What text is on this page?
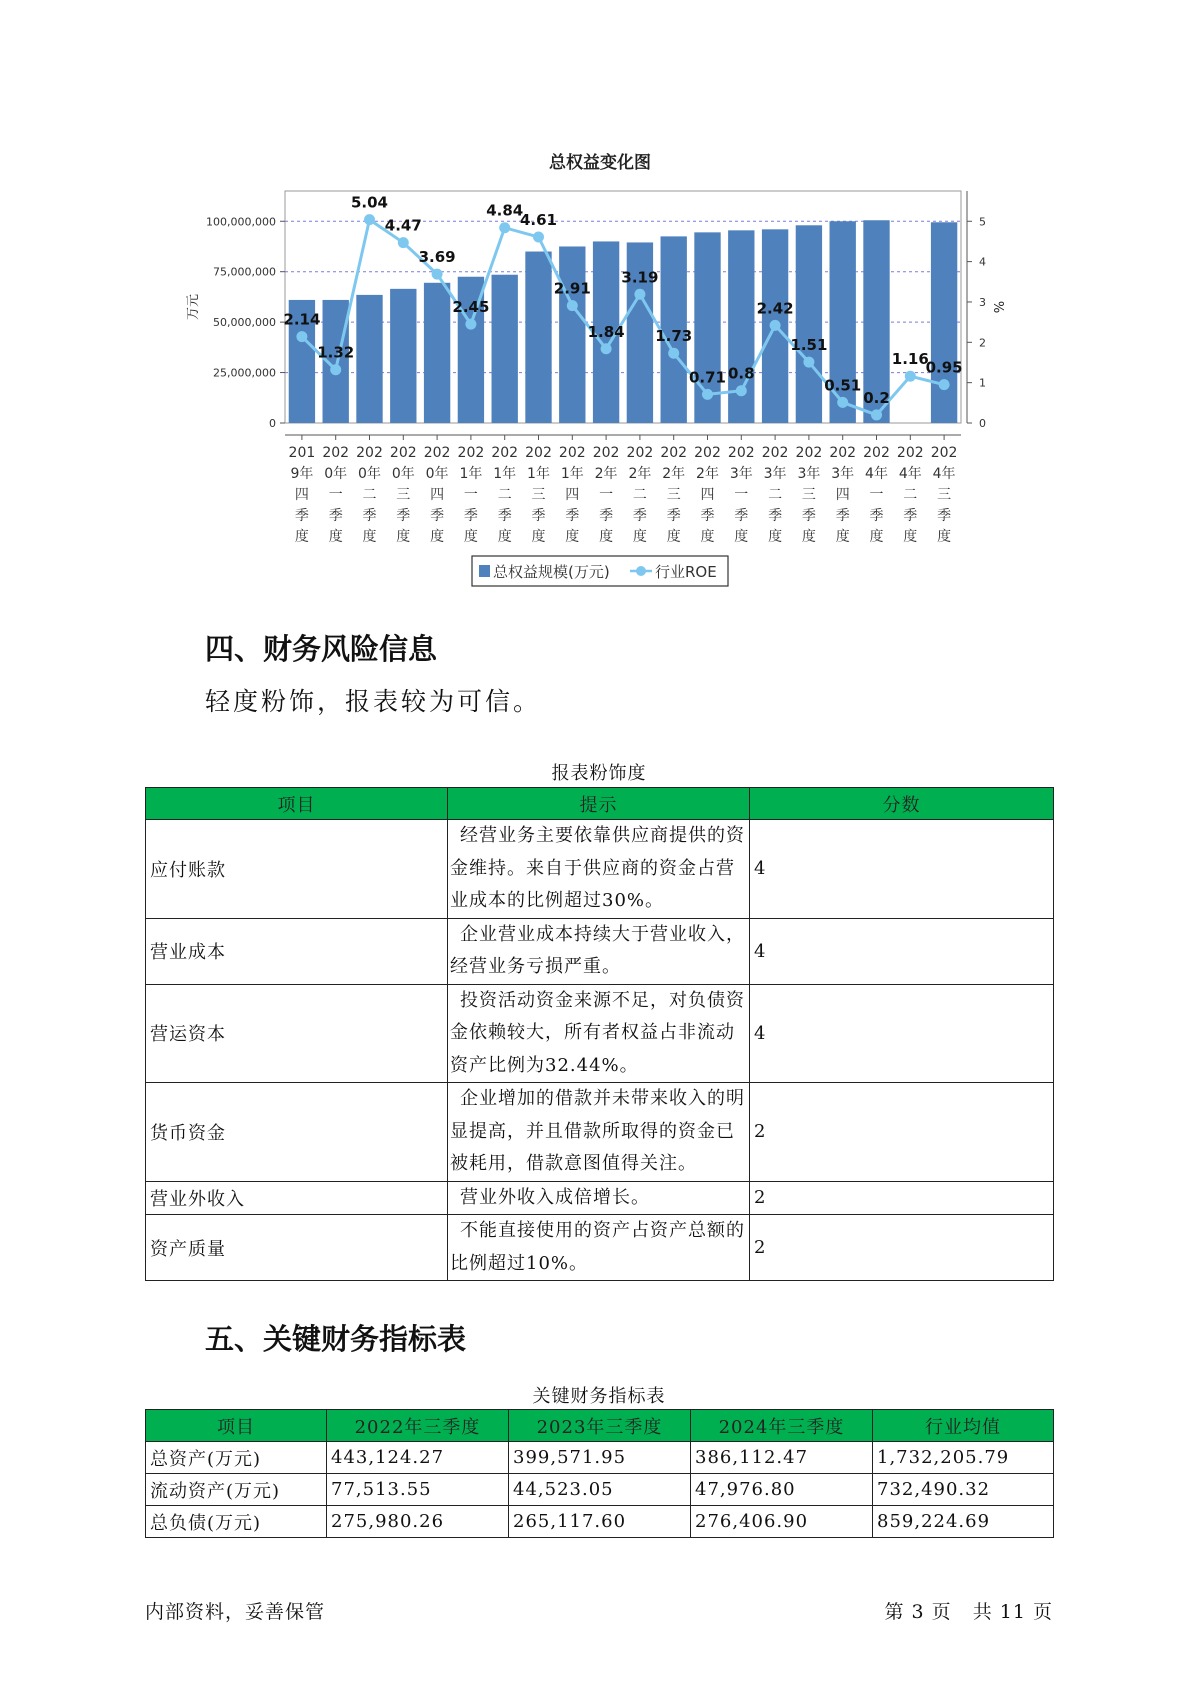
总权益变化图
2.14
1.32
5.04
4.47
3.69
2.45
4.84
4.61
2.91
1.84
3.19
1.73
0.71 0.8
2.42
1.51
0.51
0.2
1.16
0.95
0
25,000,000
50,000,000
75,000,000
100,000,000
0
1
2
3
4
5
201 9年四季度
202 0年一季度
202 0年二季度
202 0年三季度
202 0年四季度
202 1年一季度
202 1年二季度
202 1年三季度
202 1年四季度
202 2年一季度
202 2年二季度
202 2年三季度
202 2年四季度
202 3年一季度
202 3年二季度
202 3年三季度
202 3年四季度
202 4年一季度
202 4年二季度
202 4年三季度
万元	%
总权益规模(万元)	行业ROE
四、财务风险信息

轻度粉饰，报表较为可信。

报表粉饰度
项目	提示	分数
应付账款	经营业务主要依靠供应商提供的资金维持。来自于供应商的资金占营业成本的比例超过30%。	4
营业成本	企业营业成本持续大于营业收入，经营业务亏损严重。	4
营运资本	投资活动资金来源不足，对负债资金依赖较大，所有者权益占非流动资产比例为32.44%。	4
货币资金	企业增加的借款并未带来收入的明显提高，并且借款所取得的资金已被耗用，借款意图值得关注。	2
营业外收入	营业外收入成倍增长。	2
资产质量	不能直接使用的资产占资产总额的比例超过10%。	2
五、关键财务指标表
关键财务指标表
项目	2022年三季度	2023年三季度	2024年三季度	行业均值
总资产(万元)	443,124.27	399,571.95	386,112.47	1,732,205.79
流动资产(万元)	77,513.55	44,523.05	47,976.80	732,490.32
总负债(万元)	275,980.26	265,117.60	276,406.90	859,224.69
内部资料，妥善保管	第 3 页   共 11 页
